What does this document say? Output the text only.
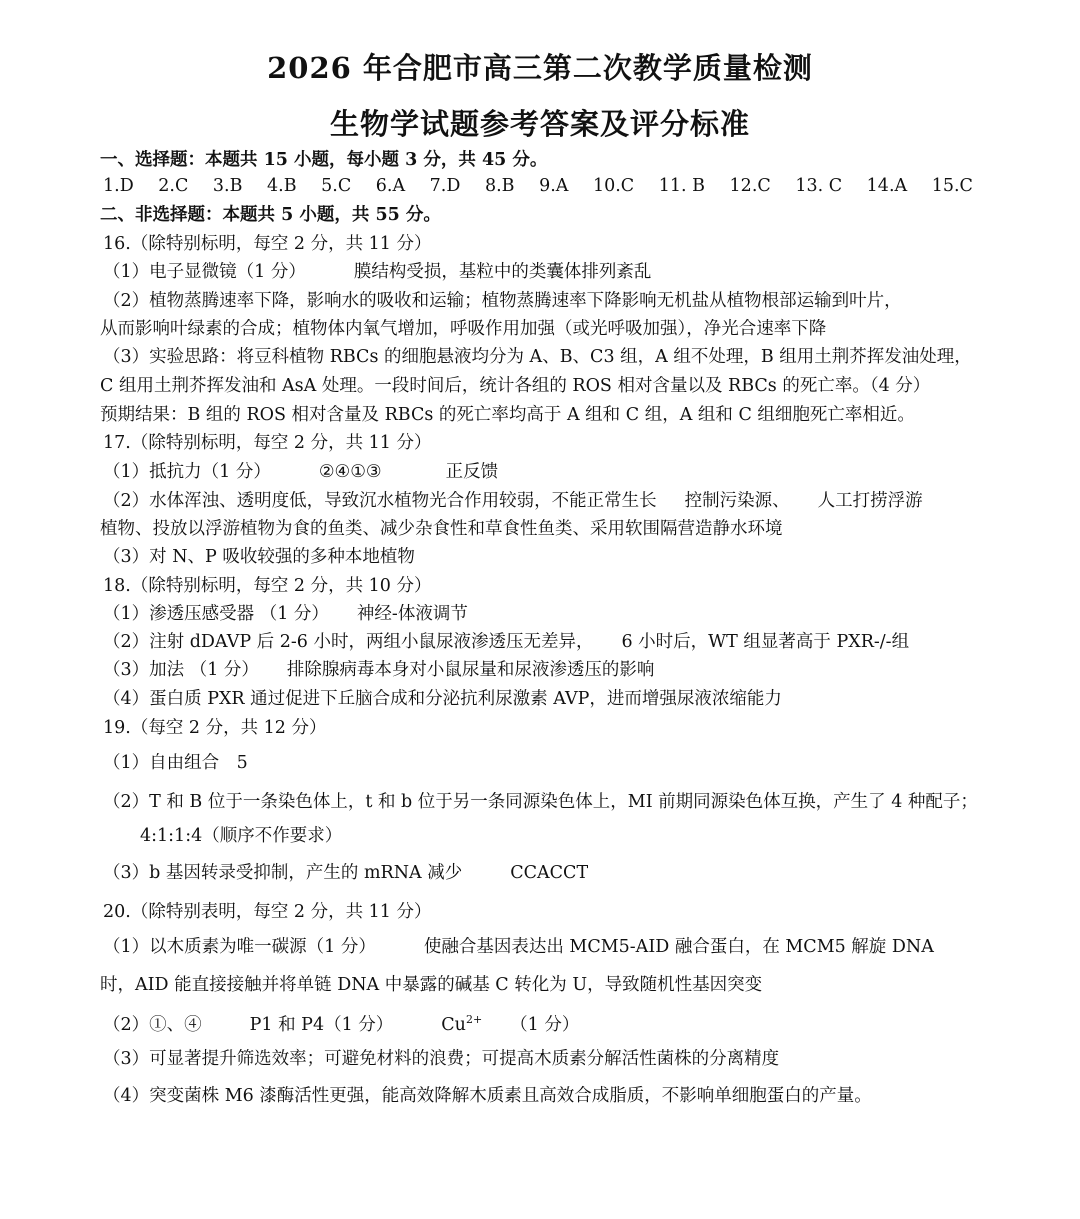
2026 年合肥市高三第二次教学质量检测
生物学试题参考答案及评分标准
一、选择题：本题共 15 小题，每小题 3 分，共 45 分。
1.D 2.C 3.B 4.B 5.C 6.A 7.D 8.B 9.A 10.C 11. B 12.C 13. C 14.A 15.C
二、非选择题：本题共 5 小题，共 55 分。
16.（除特别标明，每空 2 分，共 11 分）
（1）电子显微镜（1 分）	膜结构受损，基粒中的类囊体排列紊乱
（2）植物蒸腾速率下降，影响水的吸收和运输；植物蒸腾速率下降影响无机盐从植物根部运输到叶片，
从而影响叶绿素的合成；植物体内氧气增加，呼吸作用加强（或光呼吸加强），净光合速率下降
（3）实验思路：将豆科植物 RBCs 的细胞悬液均分为 A、B、C3 组，A 组不处理，B 组用土荆芥挥发油处理，
C 组用土荆芥挥发油和 AsA 处理。一段时间后，统计各组的 ROS 相对含量以及 RBCs 的死亡率。（4 分）
预期结果：B 组的 ROS 相对含量及 RBCs 的死亡率均高于 A 组和 C 组，A 组和 C 组细胞死亡率相近。
17.（除特别标明，每空 2 分，共 11 分）
（1）抵抗力（1 分）	②④①③	正反馈
（2）水体浑浊、透明度低，导致沉水植物光合作用较弱，不能正常生长 控制污染源、 人工打捞浮游
植物、投放以浮游植物为食的鱼类、减少杂食性和草食性鱼类、采用软围隔营造静水环境
（3）对 N、P 吸收较强的多种本地植物
18.（除特别标明，每空 2 分，共 10 分）
（1）渗透压感受器 （1 分） 神经-体液调节
（2）注射 dDAVP 后 2-6 小时，两组小鼠尿液渗透压无差异， 6 小时后，WT 组显著高于 PXR-/-组
（3）加法 （1 分） 排除腺病毒本身对小鼠尿量和尿液渗透压的影响
（4）蛋白质 PXR 通过促进下丘脑合成和分泌抗利尿激素 AVP，进而增强尿液浓缩能力
19.（每空 2 分，共 12 分）
（1）自由组合　5
（2）T 和 B 位于一条染色体上，t 和 b 位于另一条同源染色体上，MI 前期同源染色体互换，产生了 4 种配子；
4:1:1:4（顺序不作要求）
（3）b 基因转录受抑制，产生的 mRNA 减少	CCACCT
20.（除特别表明，每空 2 分，共 11 分）
（1）以木质素为唯一碳源（1 分）	使融合基因表达出 MCM5-AID 融合蛋白，在 MCM5 解旋 DNA
时，AID 能直接接触并将单链 DNA 中暴露的碱基 C 转化为 U，导致随机性基因突变
（2）①、④	P1 和 P4（1 分）	$Cu^{2+}$ （1 分）
（3）可显著提升筛选效率；可避免材料的浪费；可提高木质素分解活性菌株的分离精度
（4）突变菌株 M6 漆酶活性更强，能高效降解木质素且高效合成脂质，不影响单细胞蛋白的产量。
